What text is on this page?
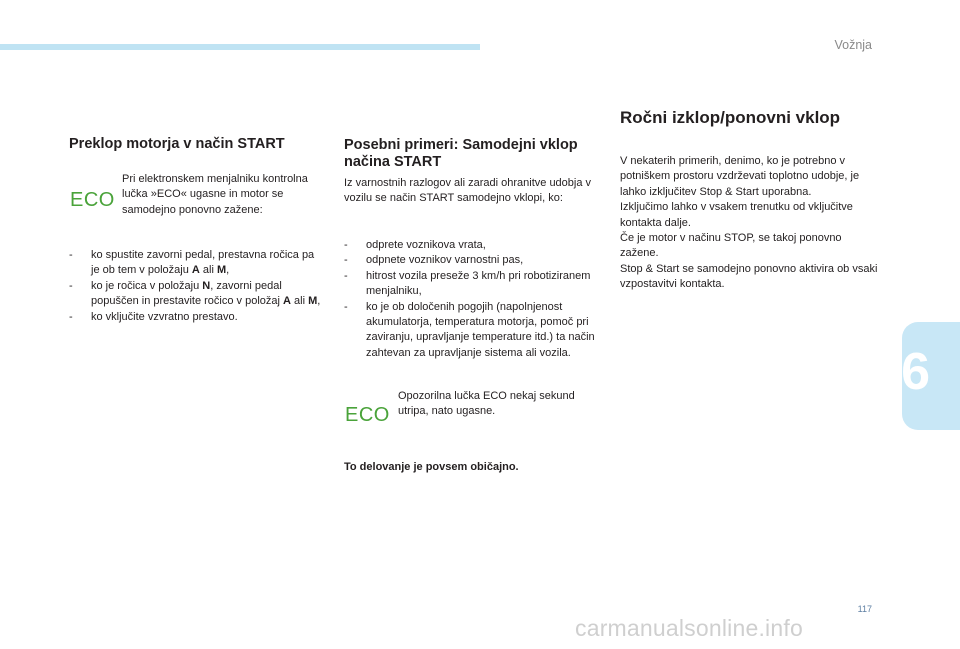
Vožnja
6
Preklop motorja v način START
ECO

Pri elektronskem menjalniku kontrolna lučka »ECO« ugasne in motor se samodejno ponovno zažene:

- ko spustite zavorni pedal, prestavna ročica pa je ob tem v položaju A ali M,
- ko je ročica v položaju N, zavorni pedal popuščen in prestavite ročico v položaj A ali M,
- ko vključite vzvratno prestavo.
Posebni primeri: Samodejni vklop načina START

Iz varnostnih razlogov ali zaradi ohranitve udobja v vozilu se način START samodejno vklopi, ko:

- odprete voznikova vrata,
- odpnete voznikov varnostni pas,
- hitrost vozila preseže 3 km/h pri robotiziranem menjalniku,
- ko je ob določenih pogojih (napolnjenost akumulatorja, temperatura motorja, pomoč pri zaviranju, upravljanje temperature itd.) ta način zahtevan za upravljanje sistema ali vozila.
ECO

Opozorilna lučka ECO nekaj sekund utripa, nato ugasne.

To delovanje je povsem običajno.

Ročni izklop/ponovni vklop

V nekaterih primerih, denimo, ko je potrebno v potniškem prostoru vzdrževati toplotno udobje, je lahko izključitev Stop & Start uporabna.

Izključimo lahko v vsakem trenutku od vključitve kontakta dalje.

Če je motor v načinu STOP, se takoj ponovno zažene.

Stop & Start se samodejno ponovno aktivira ob vsaki vzpostavitvi kontakta.

117
carmanualsonline.info
